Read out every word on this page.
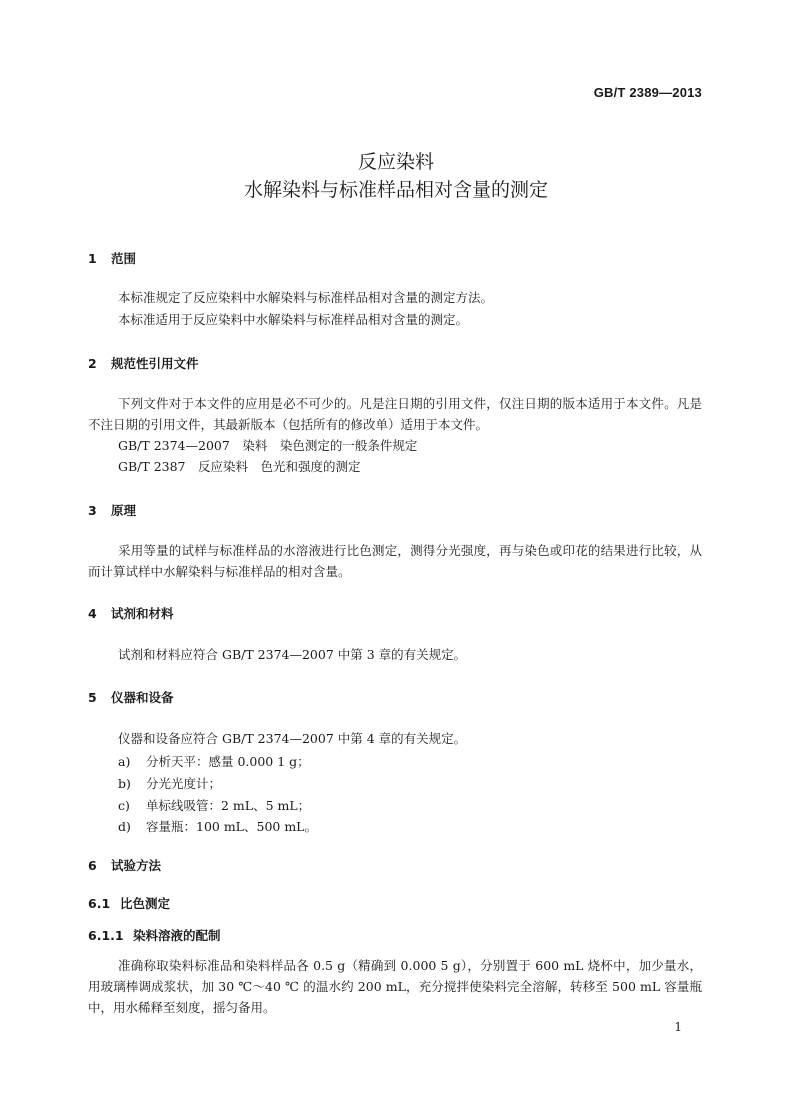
GB/T 2389—2013
反应染料
水解染料与标准样品相对含量的测定
1 范围
本标准规定了反应染料中水解染料与标准样品相对含量的测定方法。
本标准适用于反应染料中水解染料与标准样品相对含量的测定。
2 规范性引用文件
下列文件对于本文件的应用是必不可少的。凡是注日期的引用文件，仅注日期的版本适用于本文件。凡是不注日期的引用文件，其最新版本（包括所有的修改单）适用于本文件。
GB/T 2374—2007　染料　染色测定的一般条件规定
GB/T 2387　反应染料　色光和强度的测定
3 原理
采用等量的试样与标准样品的水溶液进行比色测定，测得分光强度，再与染色或印花的结果进行比较，从而计算试样中水解染料与标准样品的相对含量。
4 试剂和材料
试剂和材料应符合 GB/T 2374—2007 中第 3 章的有关规定。
5 仪器和设备
仪器和设备应符合 GB/T 2374—2007 中第 4 章的有关规定。
a) 分析天平：感量 0.000 1 g；
b) 分光光度计；
c) 单标线吸管：2 mL、5 mL；
d) 容量瓶：100 mL、500 mL。
6 试验方法
6.1 比色测定
6.1.1 染料溶液的配制
准确称取染料标准品和染料样品各 0.5 g（精确到 0.000 5 g），分别置于 600 mL 烧杯中，加少量水，用玻璃棒调成浆状，加 30 ℃～40 ℃ 的温水约 200 mL，充分搅拌使染料完全溶解，转移至 500 mL 容量瓶中，用水稀释至刻度，摇匀备用。
1
